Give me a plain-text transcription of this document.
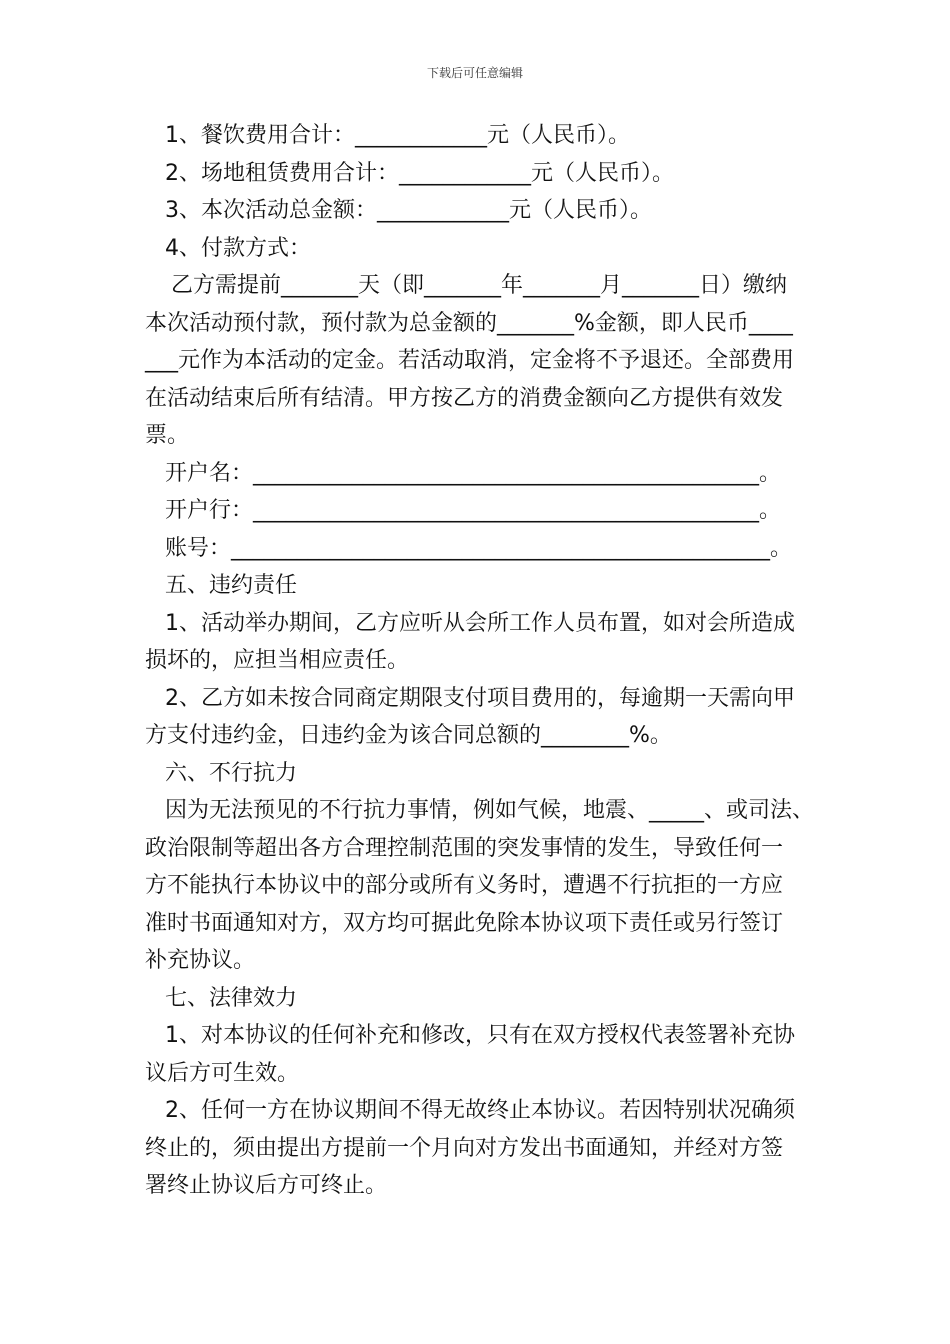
下载后可任意编辑
1、餐饮费用合计：____________元（人民币）。
2、场地租赁费用合计：____________元（人民币）。
3、本次活动总金额：____________元（人民币）。
4、付款方式：
乙方需提前_______天（即_______年_______月_______日）缴纳
本次活动预付款，预付款为总金额的_______%金额，即人民币____
___元作为本活动的定金。若活动取消，定金将不予退还。全部费用
在活动结束后所有结清。甲方按乙方的消费金额向乙方提供有效发
票。
开户名：______________________________________________。
开户行：______________________________________________。
账号：_________________________________________________。
五、违约责任
1、活动举办期间，乙方应听从会所工作人员布置，如对会所造成
损坏的，应担当相应责任。
2、乙方如未按合同商定期限支付项目费用的，每逾期一天需向甲
方支付违约金，日违约金为该合同总额的________%。
六、不行抗力
因为无法预见的不行抗力事情，例如气候，地震、_____、或司法、
政治限制等超出各方合理控制范围的突发事情的发生，导致任何一
方不能执行本协议中的部分或所有义务时，遭遇不行抗拒的一方应
准时书面通知对方，双方均可据此免除本协议项下责任或另行签订
补充协议。
七、法律效力
1、对本协议的任何补充和修改，只有在双方授权代表签署补充协
议后方可生效。
2、任何一方在协议期间不得无故终止本协议。若因特别状况确须
终止的，须由提出方提前一个月向对方发出书面通知，并经对方签
署终止协议后方可终止。
